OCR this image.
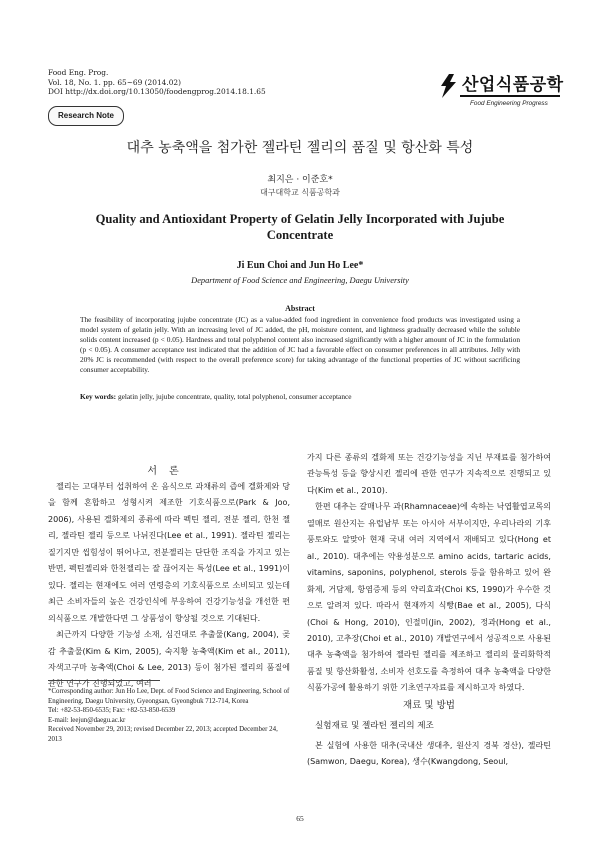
Food Eng. Prog.
Vol. 18, No. 1. pp. 65~69 (2014.02)
DOI http://dx.doi.org/10.13050/foodengprog.2014.18.1.65	산업식품공학
Food Engineering Progress
Research Note
대추 농축액을 첨가한 젤라틴 젤리의 품질 및 항산화 특성
최지은 · 이준호*
대구대학교 식품공학과
Quality and Antioxidant Property of Gelatin Jelly Incorporated with Jujube Concentrate
Ji Eun Choi and Jun Ho Lee*
Department of Food Science and Engineering, Daegu University
Abstract
The feasibility of incorporating jujube concentrate (JC) as a value-added food ingredient in convenience food products was investigated using a model system of gelatin jelly. With an increasing level of JC added, the pH, moisture content, and lightness gradually decreased while the soluble solids content increased (p < 0.05). Hardness and total polyphenol content also increased significantly with a higher amount of JC in the formulation (p < 0.05). A consumer acceptance test indicated that the addition of JC had a favorable effect on consumer preferences in all attributes. Jelly with 20% JC is recommended (with respect to the overall preference score) for taking advantage of the functional properties of JC without sacrificing consumer acceptability.
Key words: gelatin jelly, jujube concentrate, quality, total polyphenol, consumer acceptance
서론

젤리는 고대부터 섭취하여 온 음식으로 과채류의 즙에 겔화제와 당을 함께 혼합하고 성형시켜 제조한 기호식품으로(Park & Joo, 2006), 사용된 겔화제의 종류에 따라 펙틴 젤리, 전분 젤리, 한천 젤리, 젤라틴 젤리 등으로 나뉘진다(Lee et al., 1991). 젤라틴 젤리는 질기지만 씹힘성이 뛰어나고, 전분젤리는 단단한 조직을 가지고 있는 반면, 펙틴젤리와 한천젤리는 잘 끊어지는 특성(Lee et al., 1991)이 있다. 젤리는 현재에도 여러 연령층의 기호식품으로 소비되고 있는데 최근 소비자들의 높은 건강인식에 부응하여 건강기능성을 개선한 편의식품으로 개발한다면 그 상품성이 향상될 것으로 기대된다.

최근까지 다양한 기능성 소재, 심건대로 추출물(Kang, 2004), 곶감 추출물(Kim & Kim, 2005), 숙지황 농축액(Kim et al., 2011), 자색고구마 농축액(Choi & Lee, 2013) 등이 첨가된 젤리의 품질에 관한 연구가 진행되었고, 여러

*Corresponding author: Jun Ho Lee, Dept. of Food Science and Engineering, School of Engineering, Daegu University, Gyeongsan, Gyeongbuk 712-714, Korea
Tel: +82-53-850-6535; Fax: +82-53-850-6539
E-mail: leejun@daegu.ac.kr
Received November 29, 2013; revised December 22, 2013; accepted December 24, 2013

가지 다른 종류의 겔화제 또는 건강기능성을 지닌 부재료를 첨가하여 관능특성 등을 향상시킨 젤리에 관한 연구가 지속적으로 진행되고 있다(Kim et al., 2010).

한편 대추는 갈매나무 과(Rhamnaceae)에 속하는 낙엽활엽교목의 열매로 원산지는 유럽남부 또는 아시아 서부이지만, 우리나라의 기후풍토와도 알맞아 현재 국내 여러 지역에서 재배되고 있다(Hong et al., 2010). 대추에는 약용성분으로 amino acids, tartaric acids, vitamins, saponins, polyphenol, sterols 등을 함유하고 있어 완화제, 거담제, 항염증제 등의 약리효과(Choi KS, 1990)가 우수한 것으로 알려져 있다. 따라서 현재까지 식빵(Bae et al., 2005), 다식(Choi & Hong, 2010), 인절미(Jin, 2002), 정과(Hong et al., 2010), 고추장(Choi et al., 2010) 개발연구에서 성공적으로 사용된 대추 농축액을 첨가하여 젤라틴 젤리를 제조하고 젤리의 물리화학적 품질 및 항산화활성, 소비자 선호도를 측정하여 대추 농축액을 다양한 식품가공에 활용하기 위한 기초연구자료를 제시하고자 하였다.

재료 및 방법
실험재료 및 젤라틴 젤리의 제조

본 실험에 사용한 대추(국내산 생대추, 원산지 경북 경산), 젤라틴(Samwon, Daegu, Korea), 생수(Kwangdong, Seoul,

65
